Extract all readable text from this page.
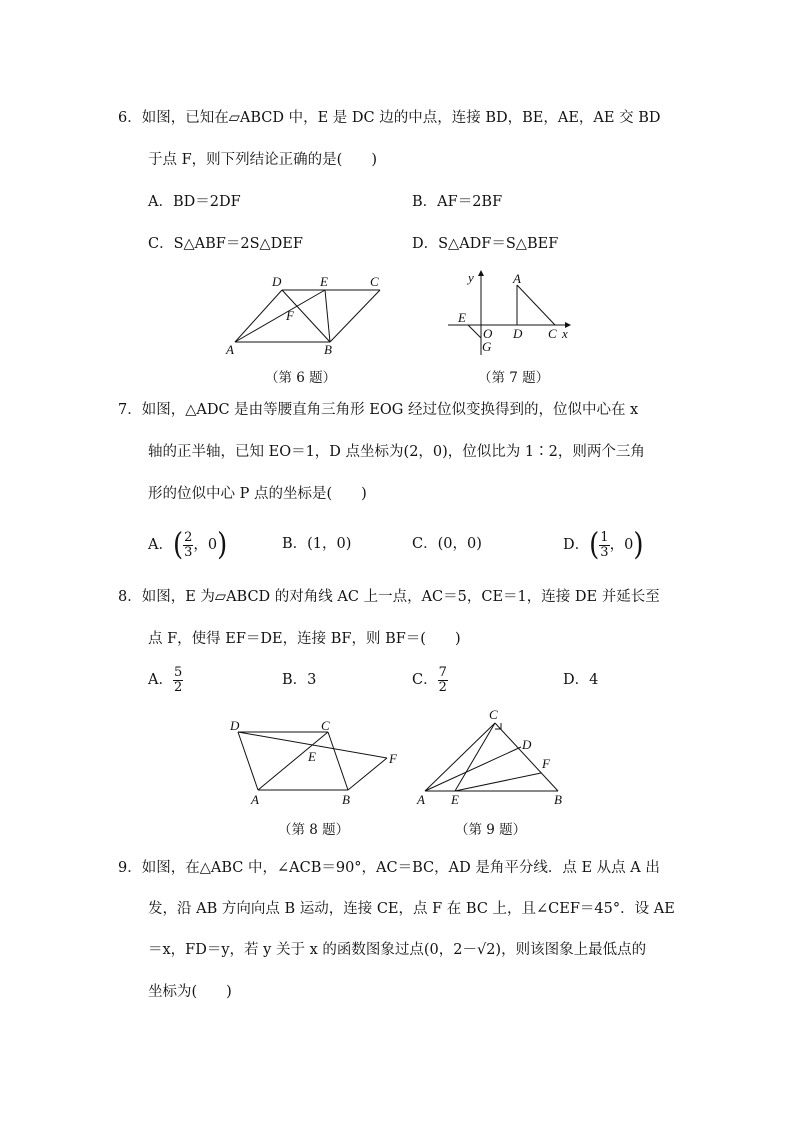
6．如图，已知在▱ABCD 中，E 是 DC 边的中点，连接 BD，BE，AE，AE 交 BD
于点 F，则下列结论正确的是(　　)
A．BD＝2DF	B．AF＝2BF
C．S△ABF＝2S△DEF	D．S△ADF＝S△BEF
D	E	C
F
A	B
（第 6 题）
y	A
E
O D C x
G
（第 7 题）
7．如图，△ADC 是由等腰直角三角形 EOG 经过位似变换得到的，位似中心在 x
轴的正半轴，已知 EO＝1，D 点坐标为(2，0)，位似比为 1∶2，则两个三角
形的位似中心 P 点的坐标是(　　)
A． ( $\frac{2}{3}$ ，0 )	B．(1，0)	C．(0，0)	D． ( $\frac{1}{3}$ ，0 )
8．如图，E 为▱ABCD 的对角线 AC 上一点，AC＝5，CE＝1，连接 DE 并延长至
点 F，使得 EF＝DE，连接 BF，则 BF＝(　　)
A． $\frac{5}{2}$	B．3	C． $\frac{7}{2}$	D．4
D	C
E	F
A	B
（第 8 题）
C
D
F
A E	B
（第 9 题）
9．如图，在△ABC 中，∠ACB＝90°，AC＝BC，AD 是角平分线．点 E 从点 A 出
发，沿 AB 方向向点 B 运动，连接 CE，点 F 在 BC 上，且∠CEF＝45°．设 AE
＝x，FD＝y，若 y 关于 x 的函数图象过点(0，2－√2)，则该图象上最低点的
坐标为(　　)
